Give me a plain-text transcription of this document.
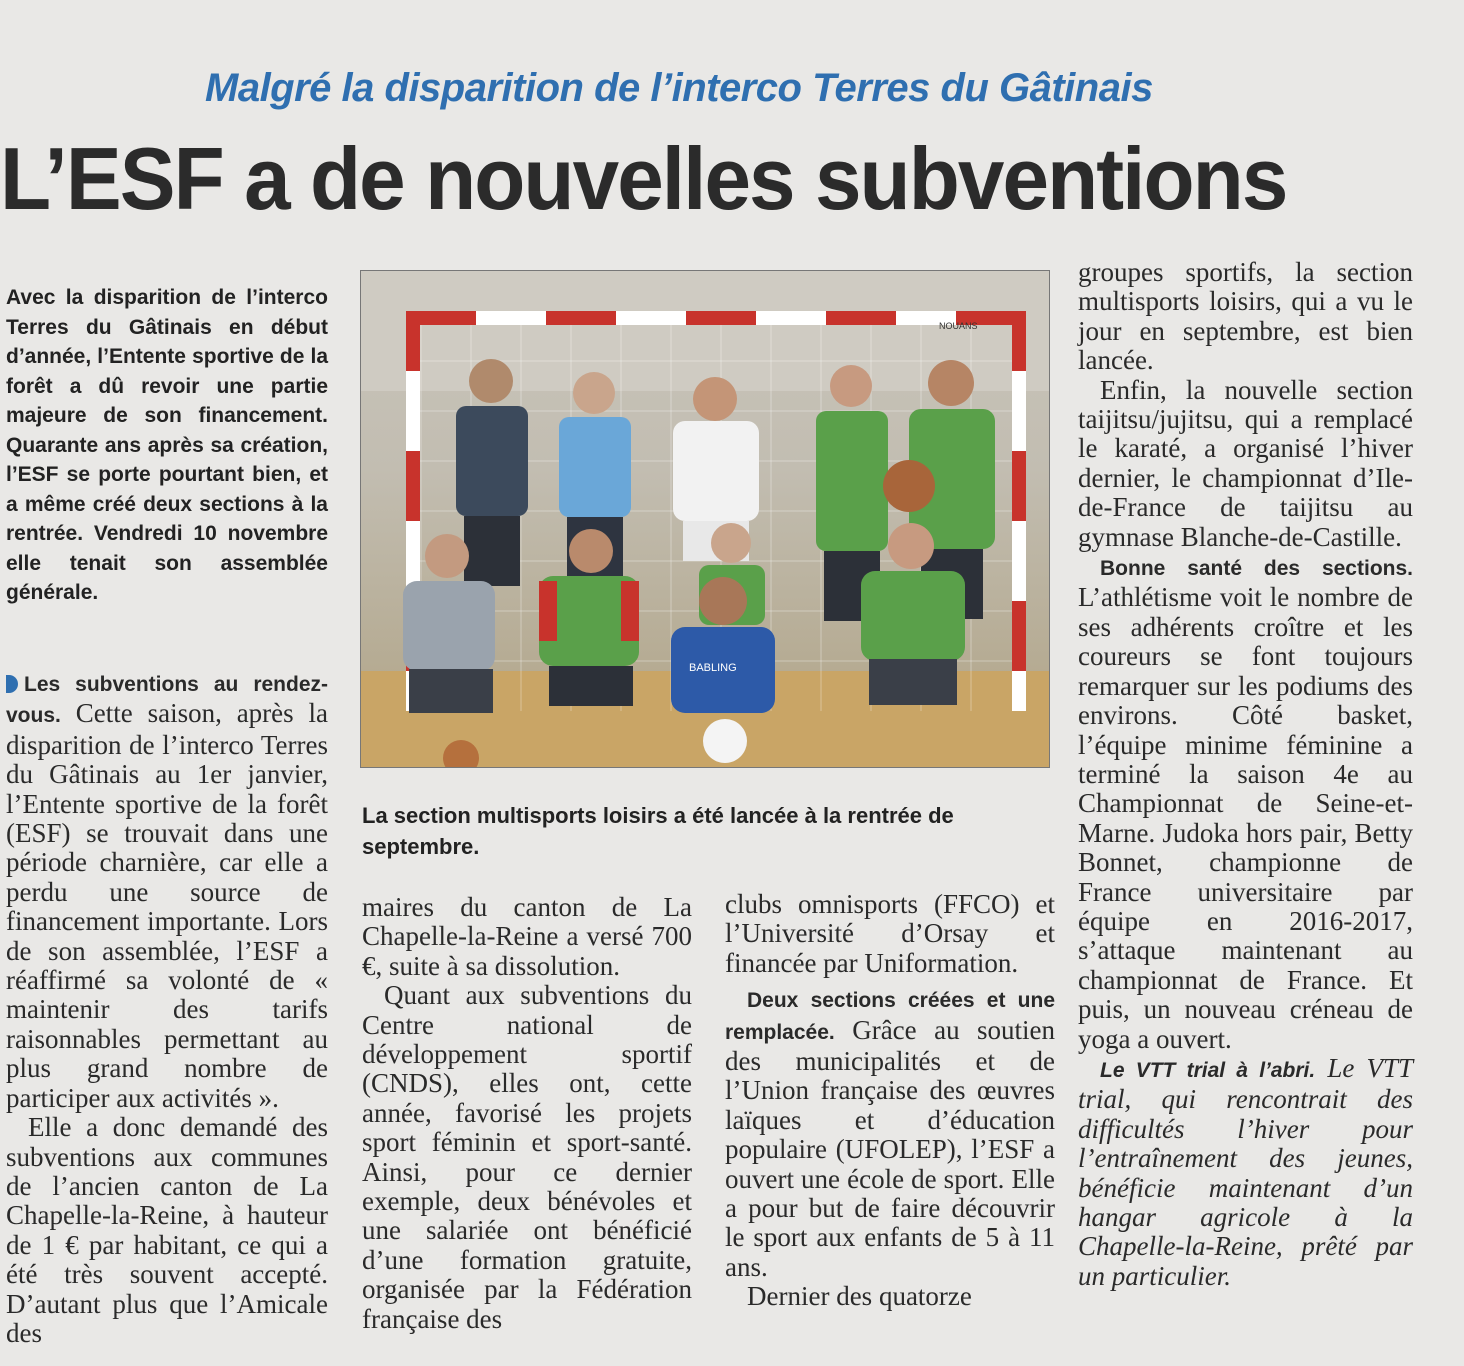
Malgré la disparition de l’interco Terres du Gâtinais
L’ESF a de nouvelles subventions
Avec la disparition de l’interco Terres du Gâtinais en début d’année, l’Entente sportive de la forêt a dû revoir une partie majeure de son financement. Quarante ans après sa création, l’ESF se porte pourtant bien, et a même créé deux sections à la rentrée. Vendredi 10 novembre elle tenait son assemblée générale.
NOUANS
BABLING
La section multisports loisirs a été lancée à la rentrée de septembre.

Les subventions au rendez-vous. Cette saison, après la disparition de l’interco Terres du Gâtinais au 1er janvier, l’Entente sportive de la forêt (ESF) se trouvait dans une période charnière, car elle a perdu une source de financement importante. Lors de son assemblée, l’ESF a réaffirmé sa volonté de « maintenir des tarifs raisonnables permettant au plus grand nombre de participer aux activités ».

Elle a donc demandé des subventions aux communes de l’ancien canton de La Chapelle-la-Reine, à hauteur de 1 € par habitant, ce qui a été très souvent accepté. D’autant plus que l’Amicale des

maires du canton de La Chapelle-la-Reine a versé 700 €, suite à sa dissolution.

Quant aux subventions du Centre national de développement sportif (CNDS), elles ont, cette année, favorisé les projets sport féminin et sport-santé. Ainsi, pour ce dernier exemple, deux bénévoles et une salariée ont bénéficié d’une formation gratuite, organisée par la Fédération française des

clubs omnisports (FFCO) et l’Université d’Orsay et financée par Uniformation.

Deux sections créées et une remplacée. Grâce au soutien des municipalités et de l’Union française des œuvres laïques et d’éducation populaire (UFOLEP), l’ESF a ouvert une école de sport. Elle a pour but de faire découvrir le sport aux enfants de 5 à 11 ans.

Dernier des quatorze

groupes sportifs, la section multisports loisirs, qui a vu le jour en septembre, est bien lancée.

Enfin, la nouvelle section taijitsu/jujitsu, qui a remplacé le karaté, a organisé l’hiver dernier, le championnat d’Ile-de-France de taijitsu au gymnase Blanche-de-Castille.

Bonne santé des sections. L’athlétisme voit le nombre de ses adhérents croître et les coureurs se font toujours remarquer sur les podiums des environs. Côté basket, l’équipe minime féminine a terminé la saison 4e au Championnat de Seine-et-Marne. Judoka hors pair, Betty Bonnet, championne de France universitaire par équipe en 2016-2017, s’attaque maintenant au championnat de France. Et puis, un nouveau créneau de yoga a ouvert.

Le VTT trial à l’abri. Le VTT trial, qui rencontrait des difficultés l’hiver pour l’entraînement des jeunes, bénéficie maintenant d’un hangar agricole à la Chapelle-la-Reine, prêté par un particulier.
